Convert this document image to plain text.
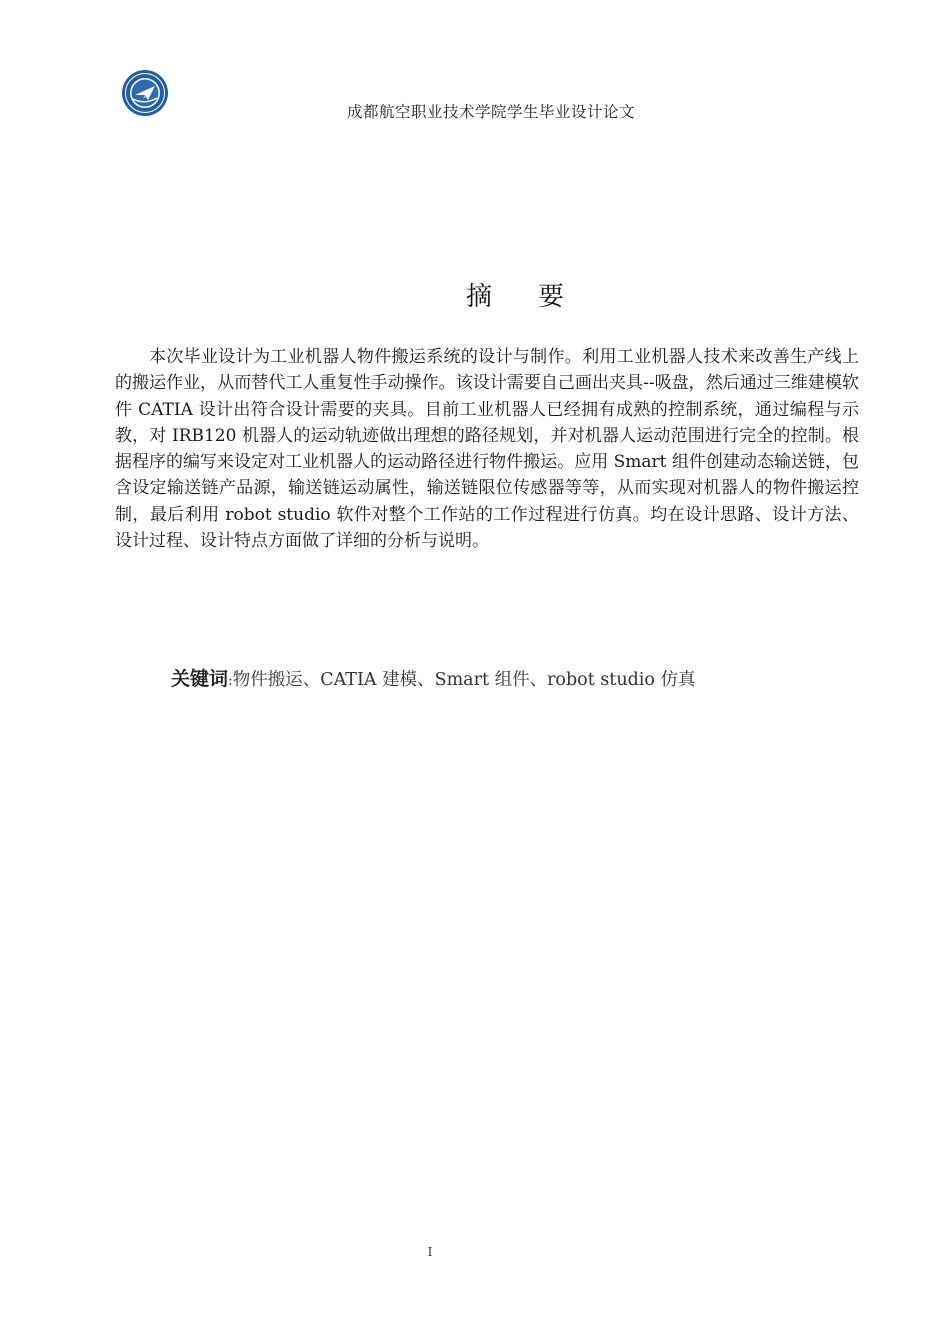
成都航空职业技术学院学生毕业设计论文
摘 要

本次毕业设计为工业机器人物件搬运系统的设计与制作。利用工业机器人技术来改善生产线上的搬运作业，从而替代工人重复性手动操作。该设计需要自己画出夹具--吸盘，然后通过三维建模软件 CATIA 设计出符合设计需要的夹具。目前工业机器人已经拥有成熟的控制系统，通过编程与示教，对 IRB120 机器人的运动轨迹做出理想的路径规划，并对机器人运动范围进行完全的控制。根据程序的编写来设定对工业机器人的运动路径进行物件搬运。应用 Smart 组件创建动态输送链，包含设定输送链产品源，输送链运动属性，输送链限位传感器等等，从而实现对机器人的物件搬运控制，最后利用 robot studio 软件对整个工作站的工作过程进行仿真。均在设计思路、设计方法、设计过程、设计特点方面做了详细的分析与说明。

关键词:物件搬运、CATIA 建模、Smart 组件、robot studio 仿真
I
